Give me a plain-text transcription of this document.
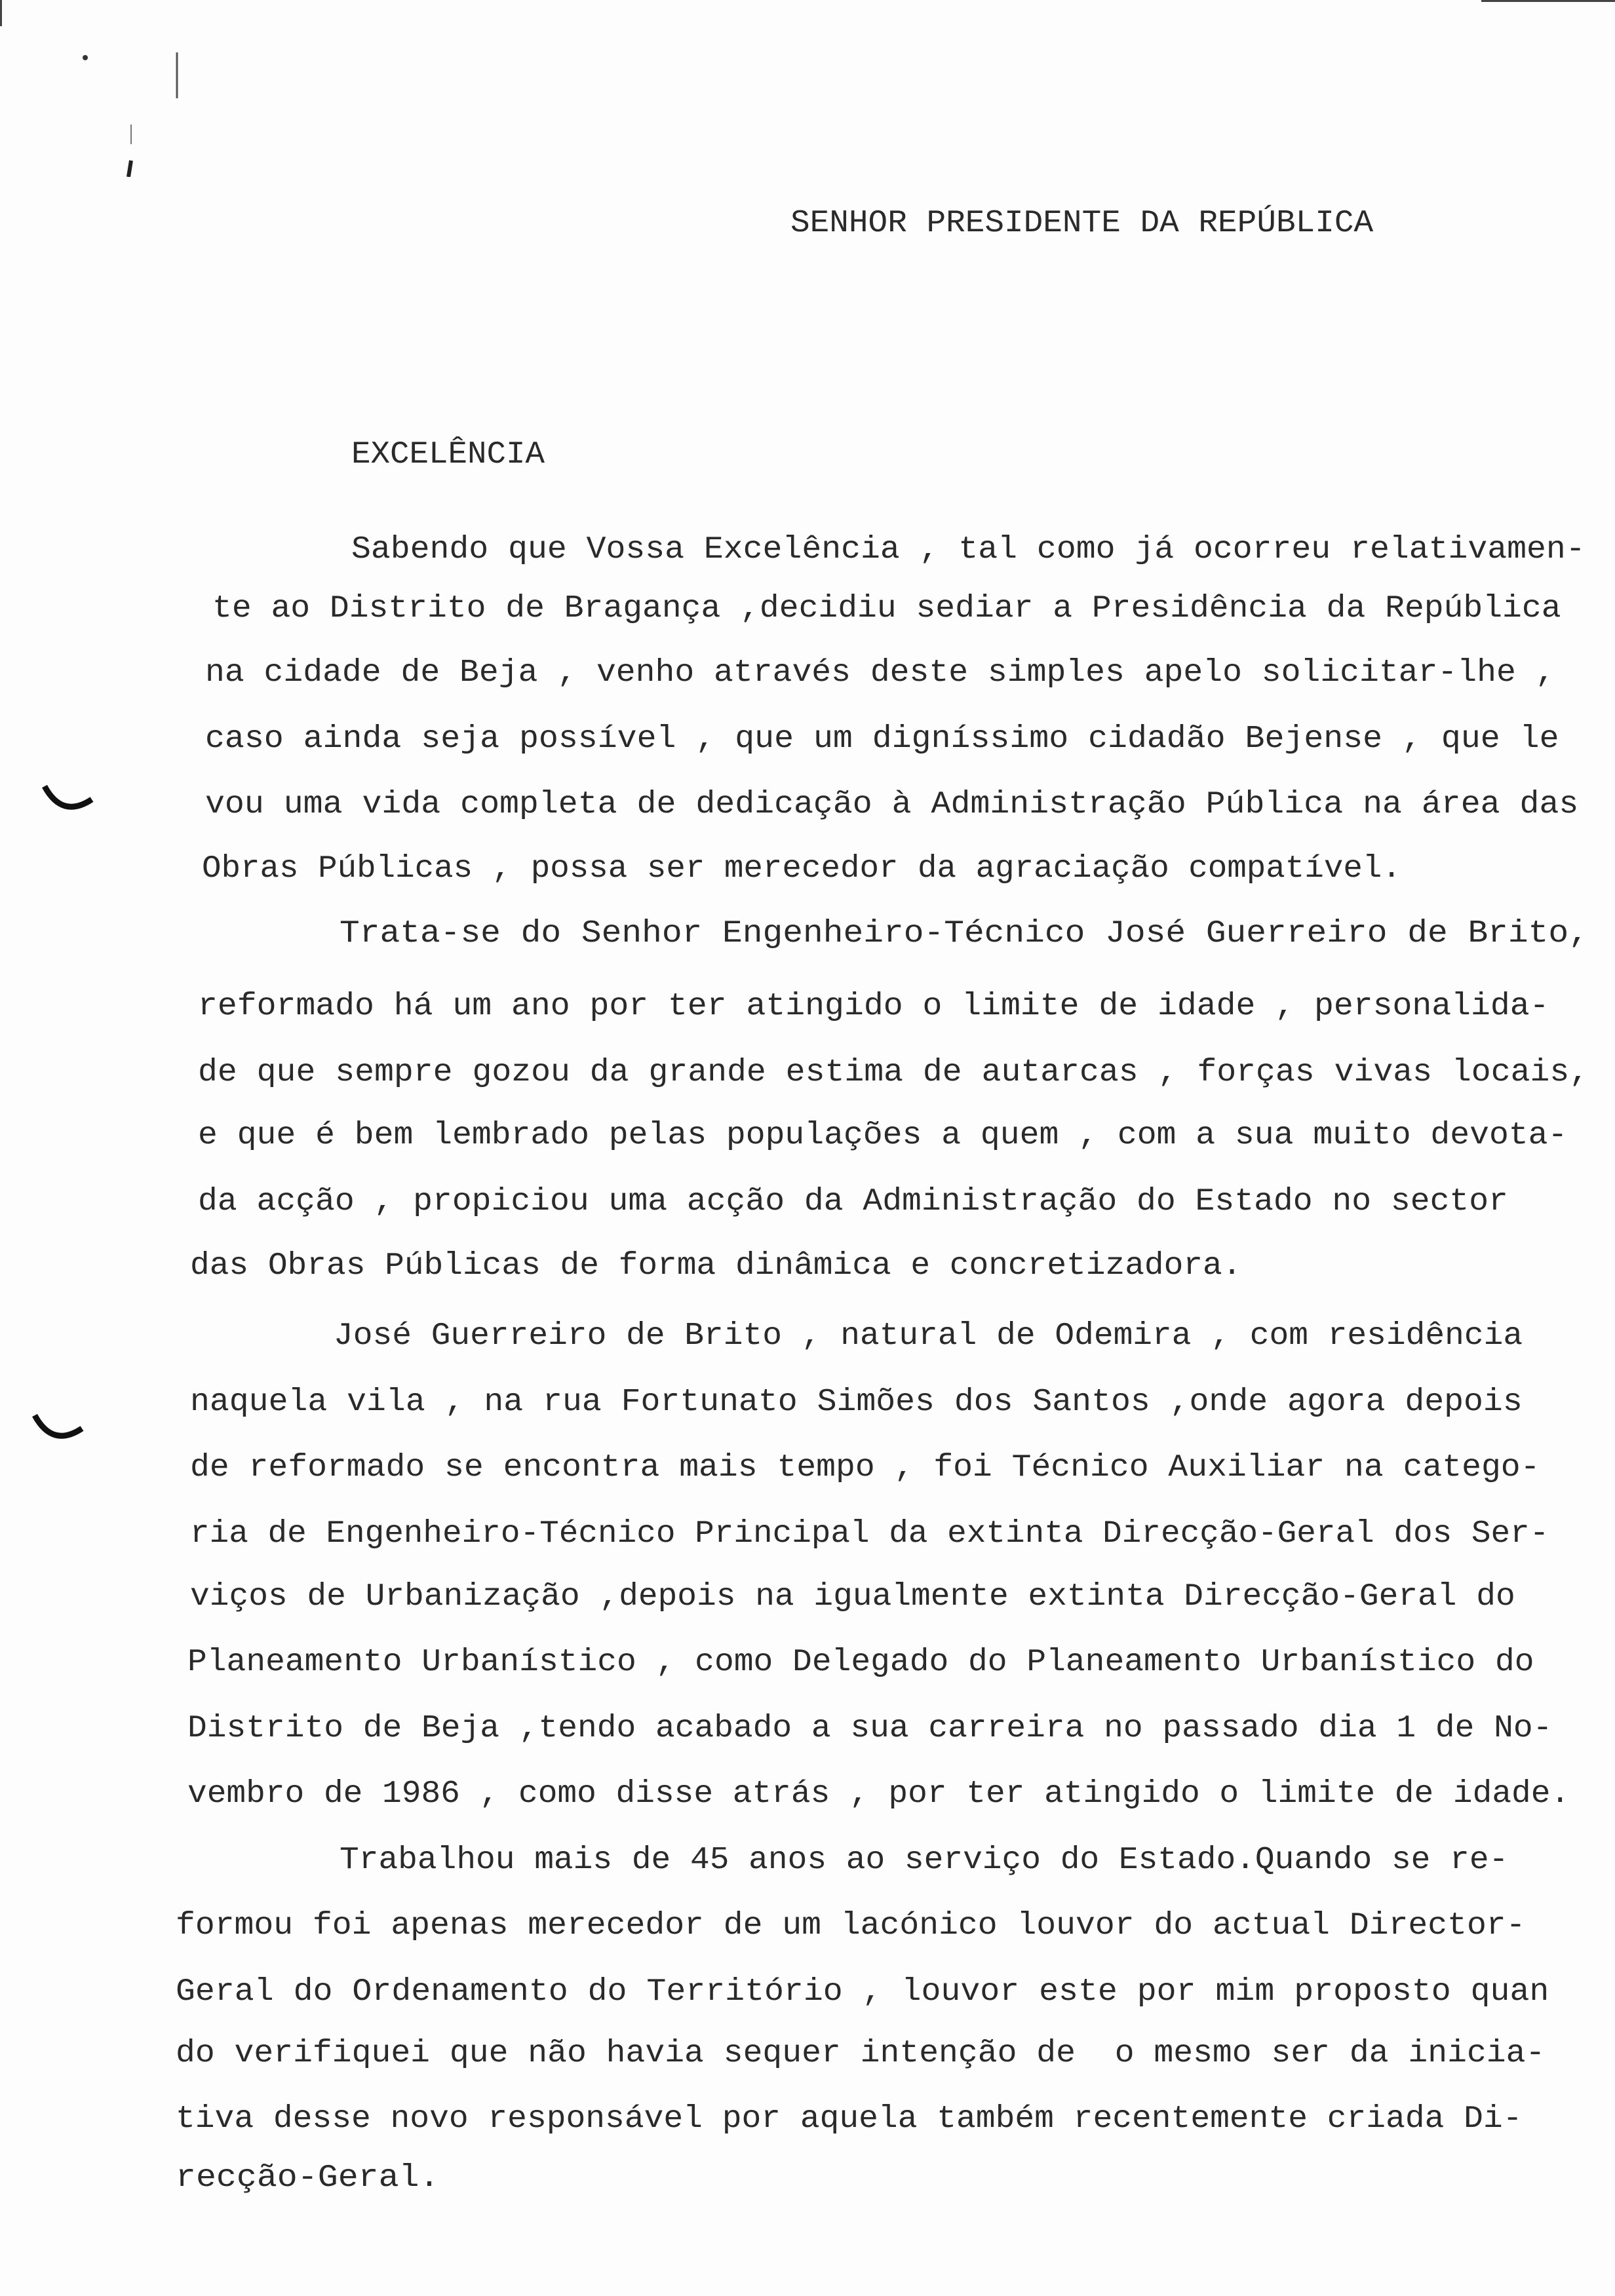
SENHOR PRESIDENTE DA REPÚBLICA
EXCELÊNCIA
Sabendo que Vossa Excelência , tal como já ocorreu relativamen-
te ao Distrito de Bragança ,decidiu sediar a Presidência da República
na cidade de Beja , venho através deste simples apelo solicitar-lhe ,
caso ainda seja possível , que um digníssimo cidadão Bejense , que le
vou uma vida completa de dedicação à Administração Pública na área das
Obras Públicas , possa ser merecedor da agraciação compatível.
Trata-se do Senhor Engenheiro-Técnico José Guerreiro de Brito,
reformado há um ano por ter atingido o limite de idade , personalida-
de que sempre gozou da grande estima de autarcas , forças vivas locais,
e que é bem lembrado pelas populações a quem , com a sua muito devota-
da acção , propiciou uma acção da Administração do Estado no sector
das Obras Públicas de forma dinâmica e concretizadora.
José Guerreiro de Brito , natural de Odemira , com residência
naquela vila , na rua Fortunato Simões dos Santos ,onde agora depois
de reformado se encontra mais tempo , foi Técnico Auxiliar na catego-
ria de Engenheiro-Técnico Principal da extinta Direcção-Geral dos Ser-
viços de Urbanização ,depois na igualmente extinta Direcção-Geral do
Planeamento Urbanístico , como Delegado do Planeamento Urbanístico do
Distrito de Beja ,tendo acabado a sua carreira no passado dia 1 de No-
vembro de 1986 , como disse atrás , por ter atingido o limite de idade.
Trabalhou mais de 45 anos ao serviço do Estado.Quando se re-
formou foi apenas merecedor de um lacónico louvor do actual Director-
Geral do Ordenamento do Território , louvor este por mim proposto quan
do verifiquei que não havia sequer intenção de  o mesmo ser da inicia-
tiva desse novo responsável por aquela também recentemente criada Di-
recção-Geral.
